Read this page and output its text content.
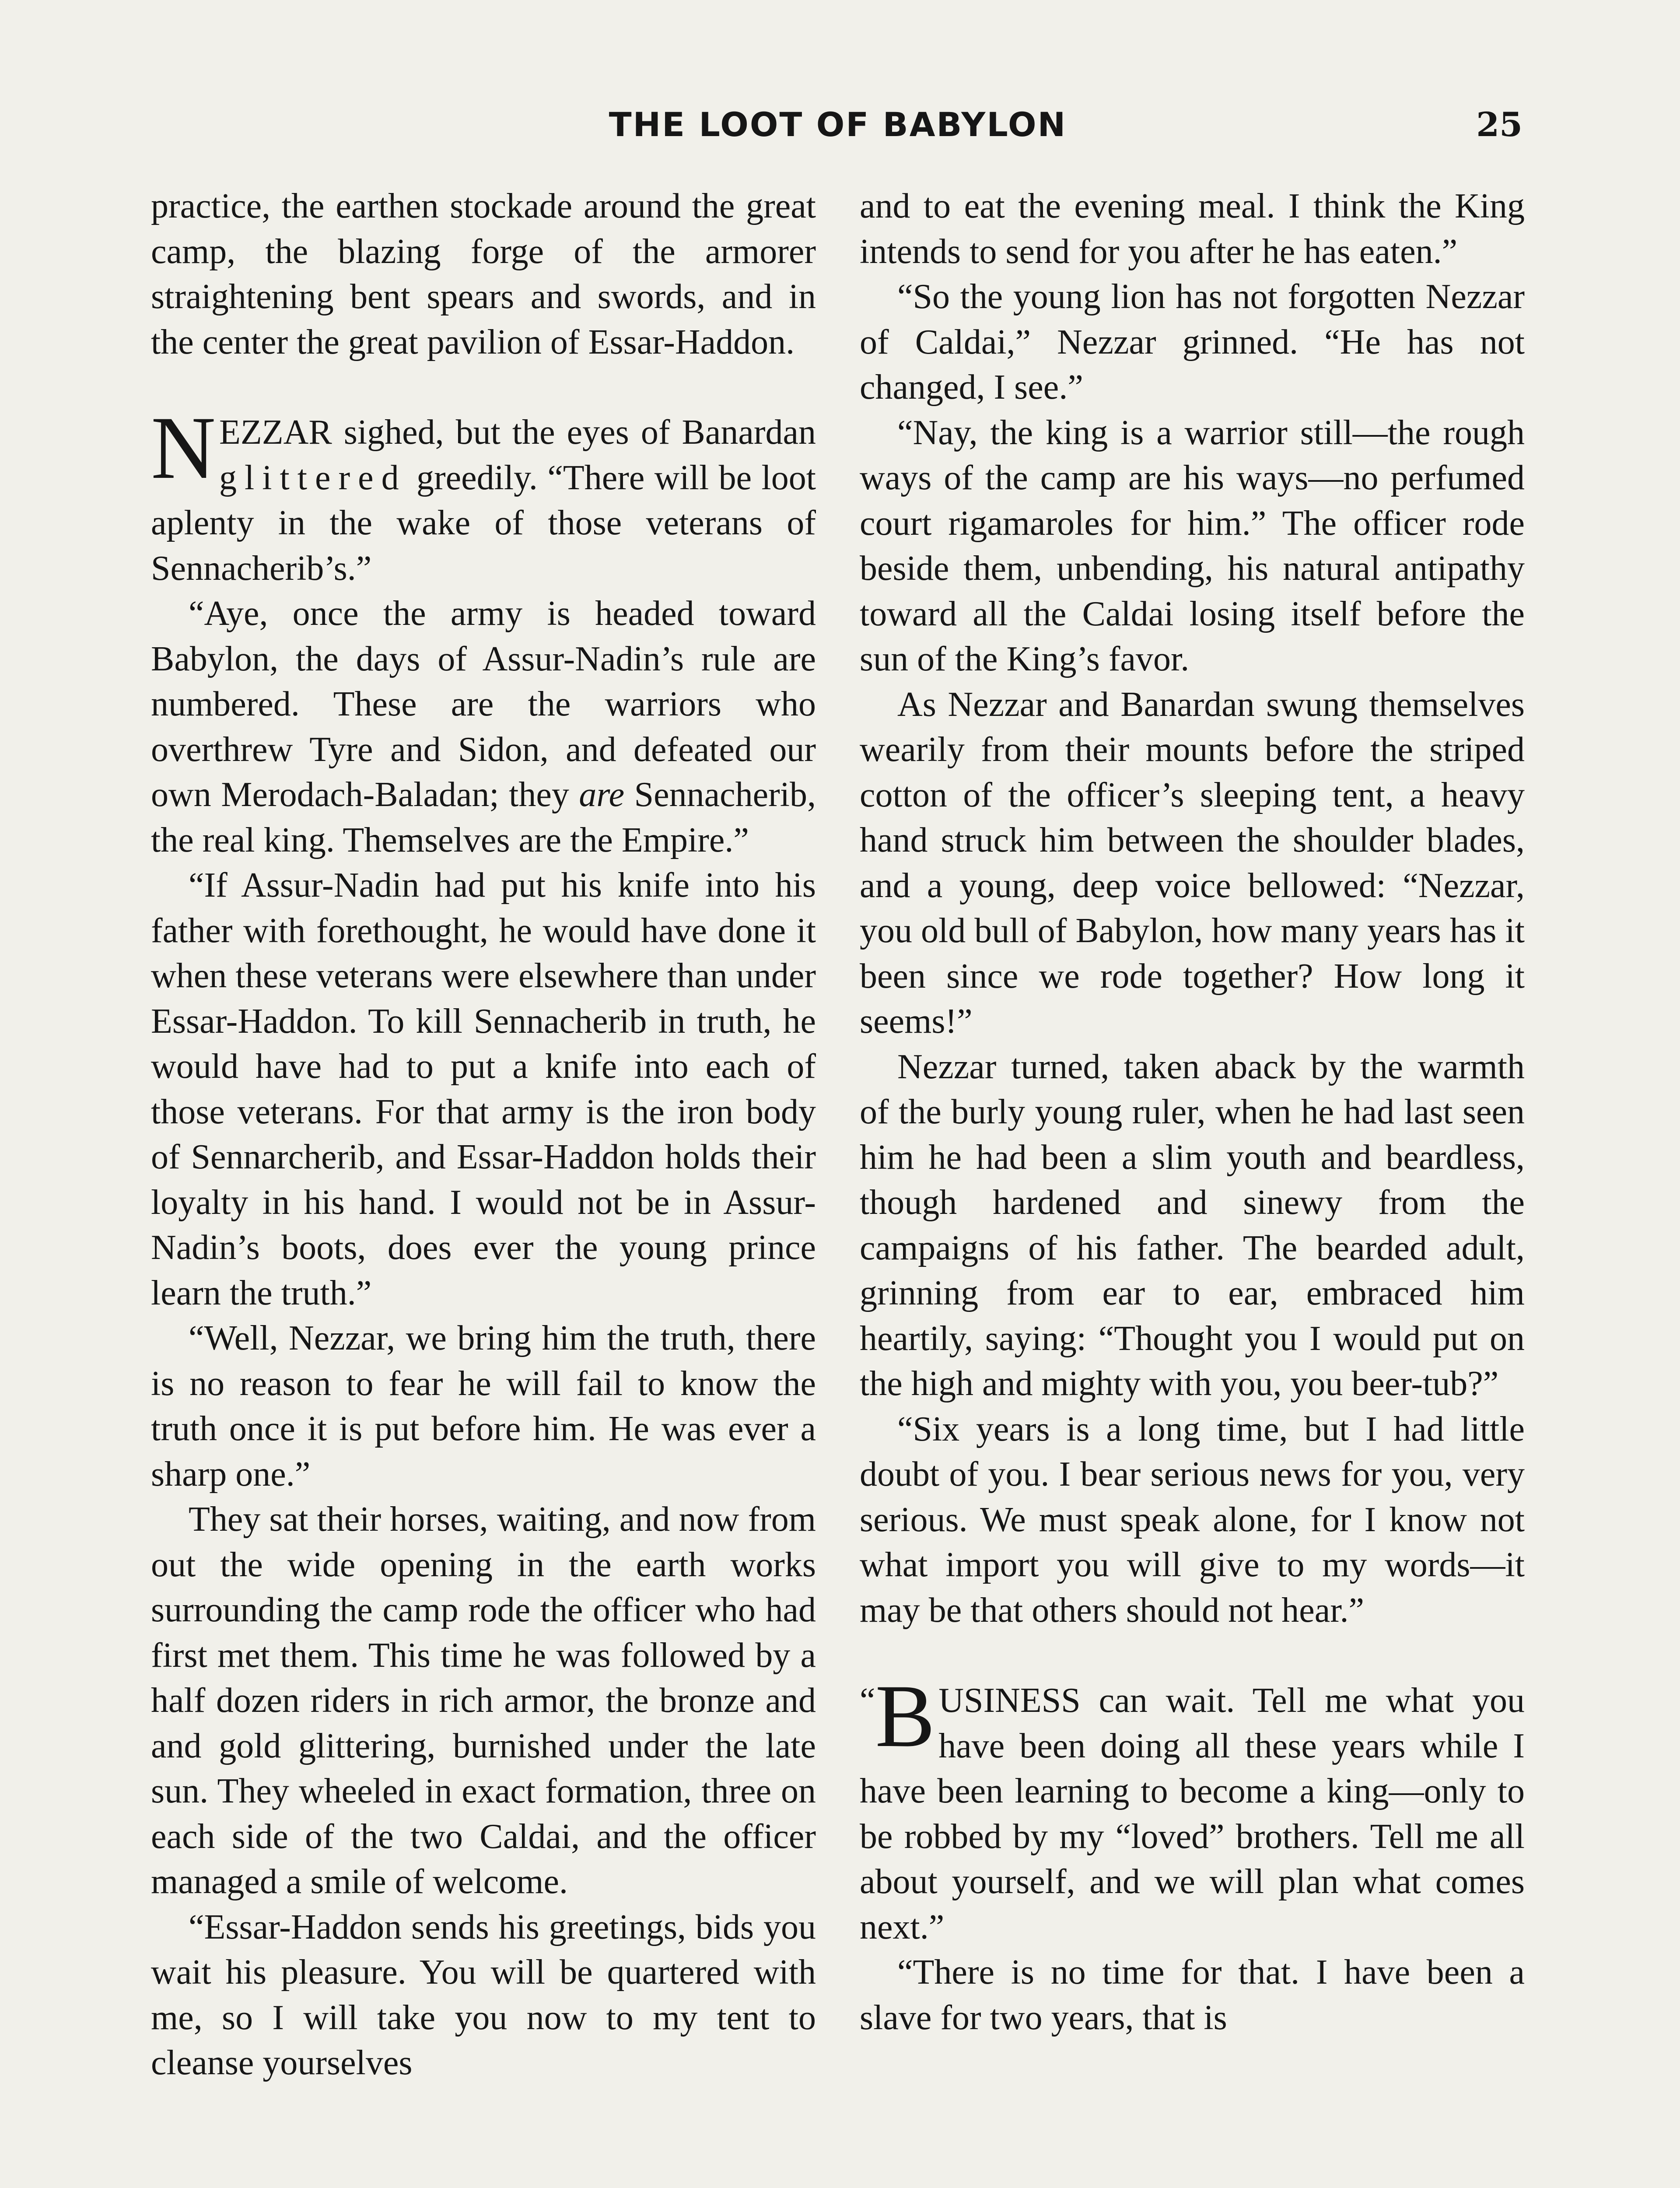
THE LOOT OF BABYLON	25

practice, the earthen stockade around the great camp, the blazing forge of the armorer straightening bent spears and swords, and in the center the great pavilion of Essar-Haddon.

NEZZAR sighed, but the eyes of Banardan glittered greedily. “There will be loot aplenty in the wake of those veterans of Sennacherib’s.”

“Aye, once the army is headed toward Babylon, the days of Assur-Nadin’s rule are numbered. These are the warriors who overthrew Tyre and Sidon, and defeated our own Merodach-Baladan; they are Sennacherib, the real king. Themselves are the Empire.”

“If Assur-Nadin had put his knife into his father with forethought, he would have done it when these veterans were elsewhere than under Essar-Haddon. To kill Sennacherib in truth, he would have had to put a knife into each of those veterans. For that army is the iron body of Sennarcherib, and Essar-Haddon holds their loyalty in his hand. I would not be in Assur-Nadin’s boots, does ever the young prince learn the truth.”

“Well, Nezzar, we bring him the truth, there is no reason to fear he will fail to know the truth once it is put before him. He was ever a sharp one.”

They sat their horses, waiting, and now from out the wide opening in the earth works surrounding the camp rode the officer who had first met them. This time he was followed by a half dozen riders in rich armor, the bronze and and gold glittering, burnished under the late sun. They wheeled in exact formation, three on each side of the two Caldai, and the officer managed a smile of welcome.

“Essar-Haddon sends his greetings, bids you wait his pleasure. You will be quartered with me, so I will take you now to my tent to cleanse yourselves

and to eat the evening meal. I think the King intends to send for you after he has eaten.”

“So the young lion has not forgotten Nezzar of Caldai,” Nezzar grinned. “He has not changed, I see.”

“Nay, the king is a warrior still—the rough ways of the camp are his ways—no perfumed court rigamaroles for him.” The officer rode beside them, unbending, his natural antipathy toward all the Caldai losing itself before the sun of the King’s favor.

As Nezzar and Banardan swung themselves wearily from their mounts before the striped cotton of the officer’s sleeping tent, a heavy hand struck him between the shoulder blades, and a young, deep voice bellowed: “Nezzar, you old bull of Babylon, how many years has it been since we rode together? How long it seems!”

Nezzar turned, taken aback by the warmth of the burly young ruler, when he had last seen him he had been a slim youth and beardless, though hardened and sinewy from the campaigns of his father. The bearded adult, grinning from ear to ear, embraced him heartily, saying: “Thought you I would put on the high and mighty with you, you beer-tub?”

“Six years is a long time, but I had little doubt of you. I bear serious news for you, very serious. We must speak alone, for I know not what import you will give to my words—it may be that others should not hear.”

“ B USINESS can wait. Tell me what you have been doing all these years while I have been learning to become a king—only to be robbed by my “loved” brothers. Tell me all about yourself, and we will plan what comes next.”

“There is no time for that. I have been a slave for two years, that is
